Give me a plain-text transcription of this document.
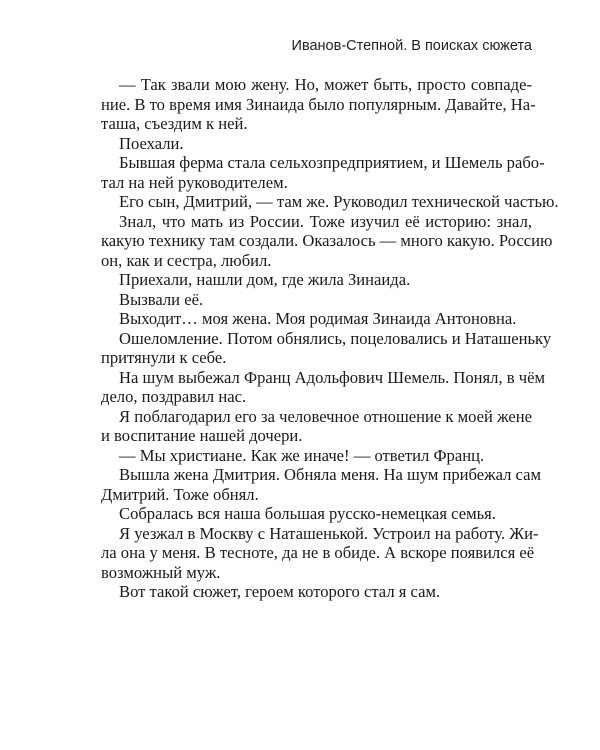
Иванов-Степной. В поисках сюжета
— Так звали мою жену. Но, может быть, просто совпаде-
ние. В то время имя Зинаида было популярным. Давайте, На-
таша, съездим к ней.
Поехали.
Бывшая ферма стала сельхозпредприятием, и Шемель рабо-
тал на ней руководителем.
Его сын, Дмитрий, — там же. Руководил технической частью.
Знал, что мать из России. Тоже изучил её историю: знал,
какую технику там создали. Оказалось — много какую. Россию
он, как и сестра, любил.
Приехали, нашли дом, где жила Зинаида.
Вызвали её.
Выходит… моя жена. Моя родимая Зинаида Антоновна.
Ошеломление. Потом обнялись, поцеловались и Наташеньку
притянули к себе.
На шум выбежал Франц Адольфович Шемель. Понял, в чём
дело, поздравил нас.
Я поблагодарил его за человечное отношение к моей жене
и воспитание нашей дочери.
— Мы христиане. Как же иначе! — ответил Франц.
Вышла жена Дмитрия. Обняла меня. На шум прибежал сам
Дмитрий. Тоже обнял.
Собралась вся наша большая русско-немецкая семья.
Я уезжал в Москву с Наташенькой. Устроил на работу. Жи-
ла она у меня. В тесноте, да не в обиде. А вскоре появился её
возможный муж.
Вот такой сюжет, героем которого стал я сам.
